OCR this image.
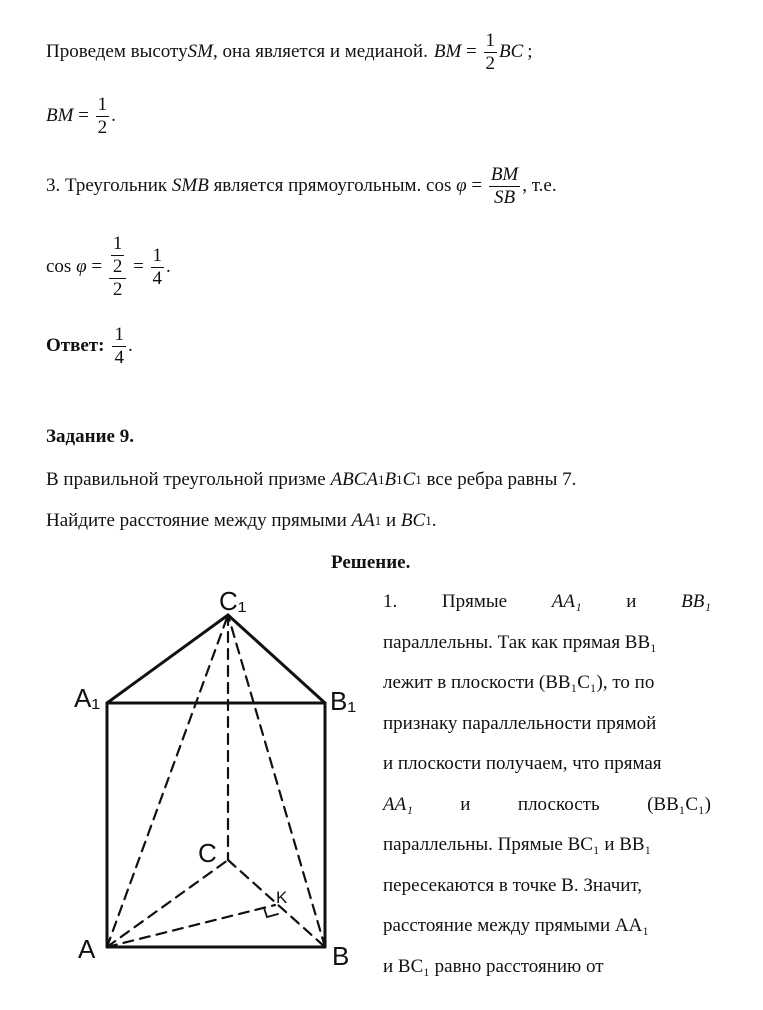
Проведем высоту SM , она является и медианой. BM = $\frac{1}{2}$ BC ;
BM = $\frac{1}{2}$ .
3. Треугольник SMB является прямоугольным. $\cos \varphi = \frac{BM}{SB}$ , т.е.
$\cos \varphi = \frac{\frac{1}{2}}{2} = \frac{1}{4}$ .
Ответ: $\frac{1}{4}$ .
Задание 9.
В правильной треугольной призме ABCA 1 B 1 C 1 все ребра равны 7.
Найдите расстояние между прямыми AA 1 и BC 1 .
Решение.
1. Прямые AA₁ и BB₁
параллельны. Так как прямая BB₁
лежит в плоскости (BB₁C₁), то по
признаку параллельности прямой
и плоскости получаем, что прямая
AA₁ и плоскость (BB₁C₁)
параллельны. Прямые BC₁ и BB₁
пересекаются в точке B. Значит,
расстояние между прямыми AA₁
и BC₁ равно расстоянию от
C₁
A₁	B₁
C
A	B
K
